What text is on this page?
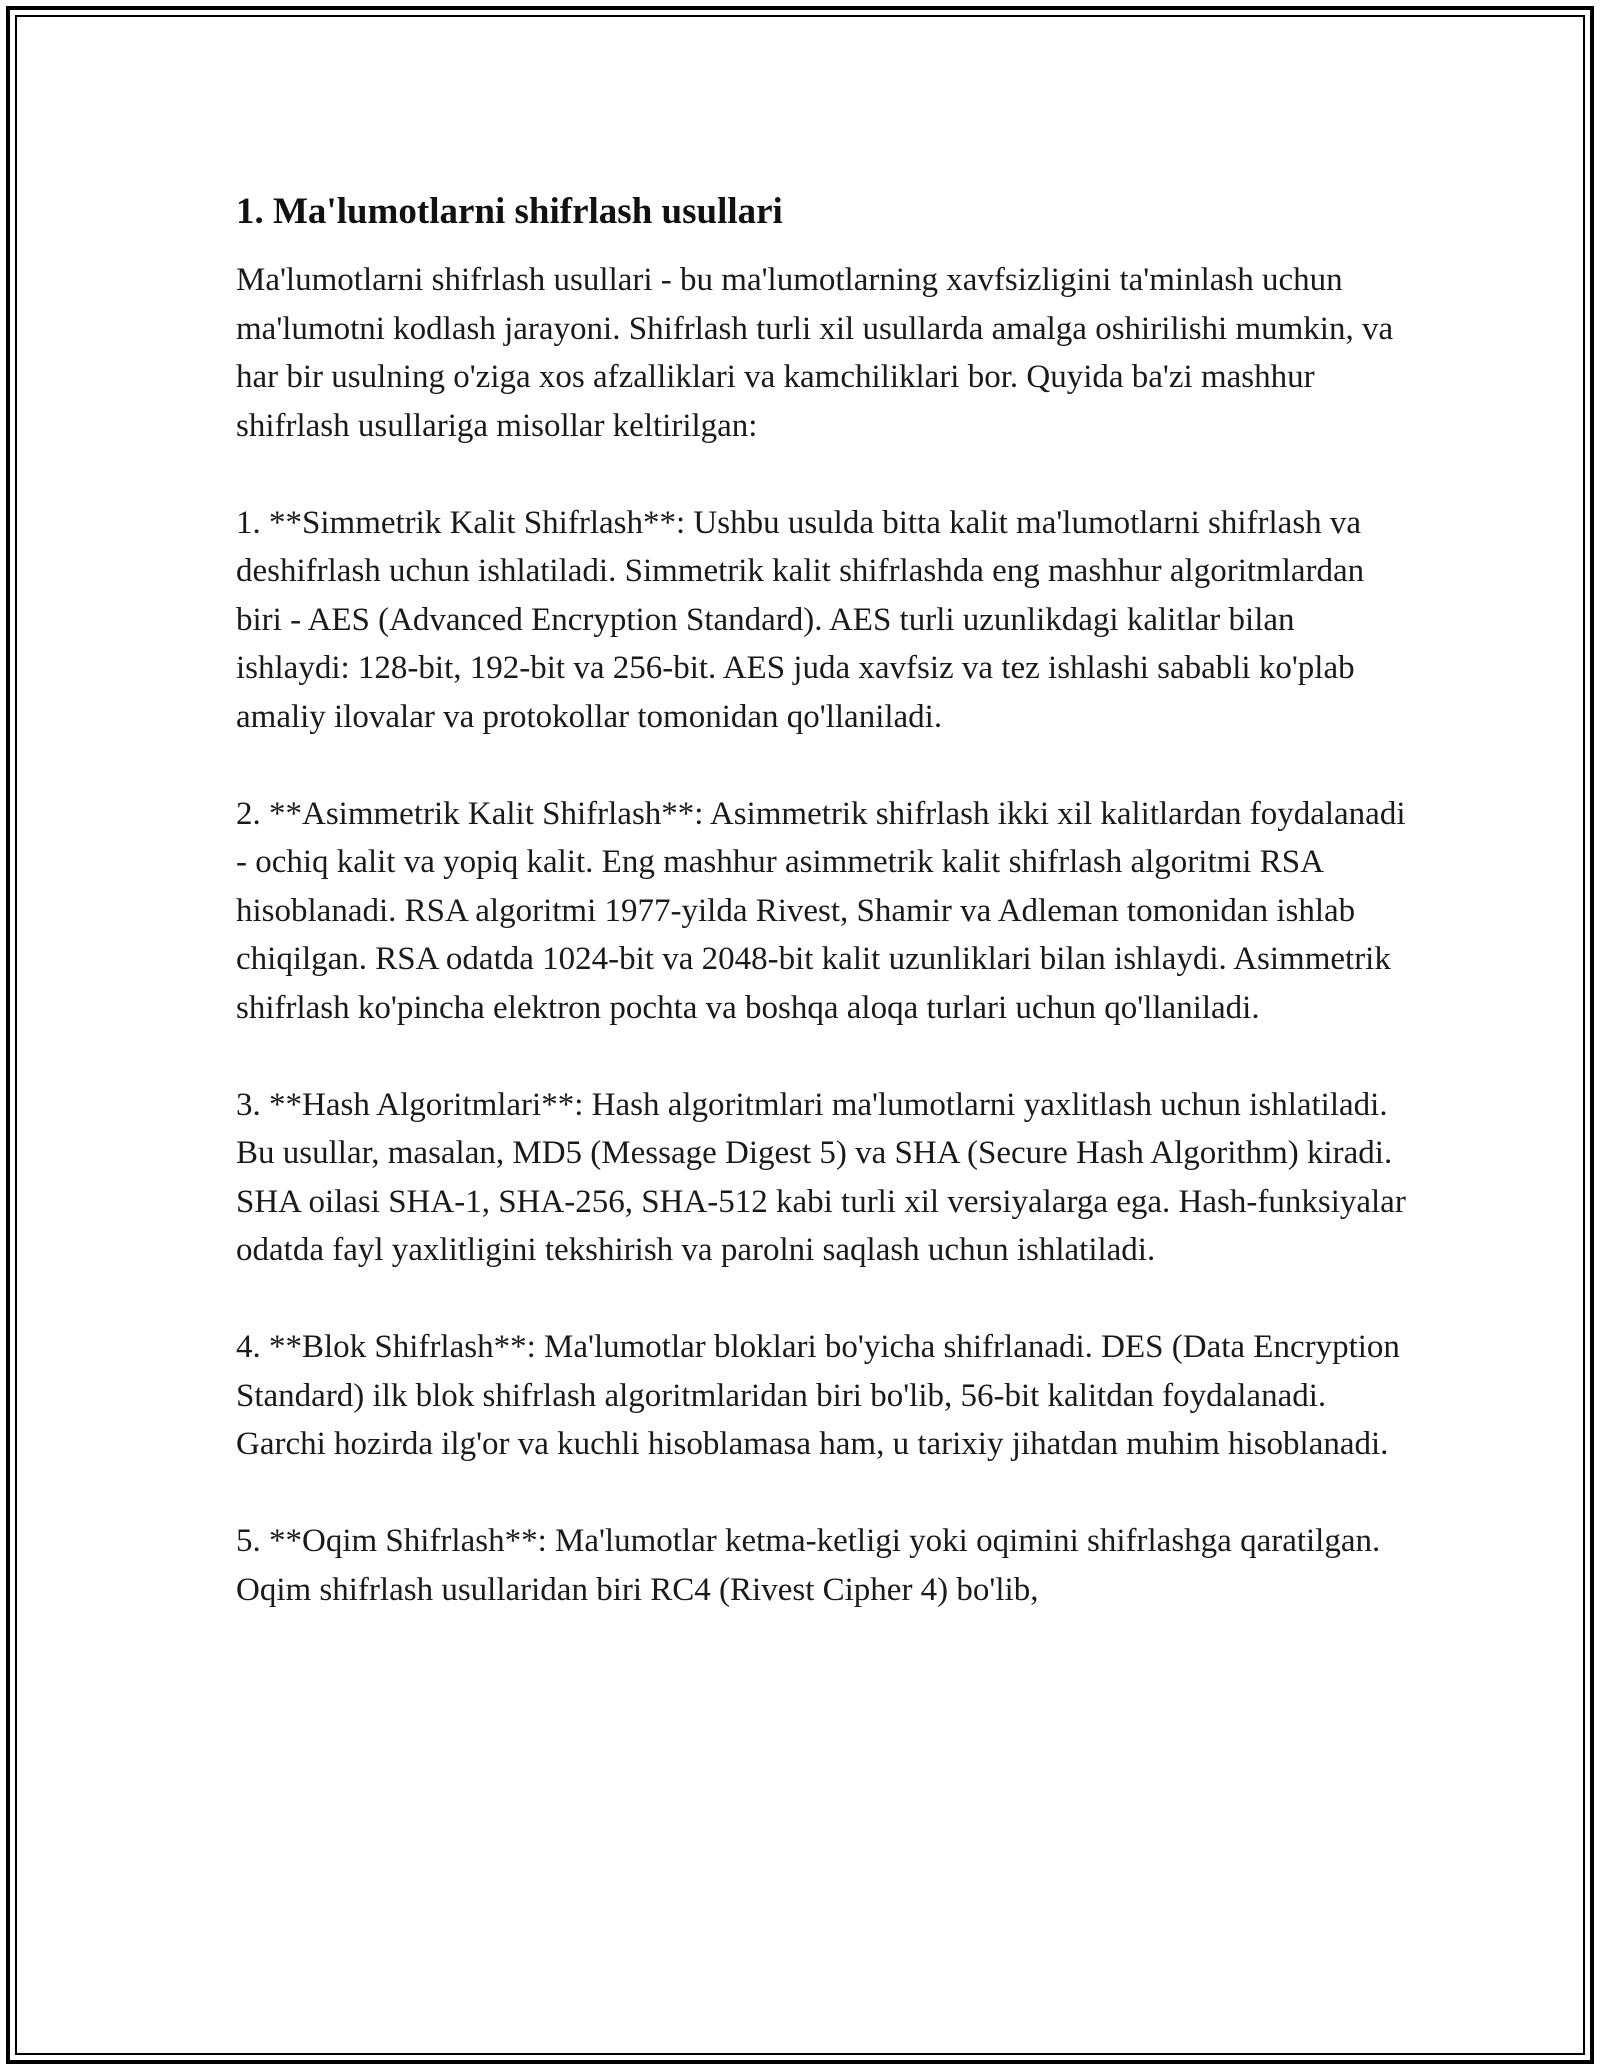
1. Ma'lumotlarni shifrlash usullari

Ma'lumotlarni shifrlash usullari - bu ma'lumotlarning xavfsizligini ta'minlash uchun ma'lumotni kodlash jarayoni. Shifrlash turli xil usullarda amalga oshirilishi mumkin, va har bir usulning o'ziga xos afzalliklari va kamchiliklari bor. Quyida ba'zi mashhur shifrlash usullariga misollar keltirilgan:

1. **Simmetrik Kalit Shifrlash**: Ushbu usulda bitta kalit ma'lumotlarni shifrlash va deshifrlash uchun ishlatiladi. Simmetrik kalit shifrlashda eng mashhur algoritmlardan biri - AES (Advanced Encryption Standard). AES turli uzunlikdagi kalitlar bilan ishlaydi: 128-bit, 192-bit va 256-bit. AES juda xavfsiz va tez ishlashi sababli ko'plab amaliy ilovalar va protokollar tomonidan qo'llaniladi.

2. **Asimmetrik Kalit Shifrlash**: Asimmetrik shifrlash ikki xil kalitlardan foydalanadi - ochiq kalit va yopiq kalit. Eng mashhur asimmetrik kalit shifrlash algoritmi RSA hisoblanadi. RSA algoritmi 1977-yilda Rivest, Shamir va Adleman tomonidan ishlab chiqilgan. RSA odatda 1024-bit va 2048-bit kalit uzunliklari bilan ishlaydi. Asimmetrik shifrlash ko'pincha elektron pochta va boshqa aloqa turlari uchun qo'llaniladi.

3. **Hash Algoritmlari**: Hash algoritmlari ma'lumotlarni yaxlitlash uchun ishlatiladi. Bu usullar, masalan, MD5 (Message Digest 5) va SHA (Secure Hash Algorithm) kiradi. SHA oilasi SHA-1, SHA-256, SHA-512 kabi turli xil versiyalarga ega. Hash-funksiyalar odatda fayl yaxlitligini tekshirish va parolni saqlash uchun ishlatiladi.

4. **Blok Shifrlash**: Ma'lumotlar bloklari bo'yicha shifrlanadi. DES (Data Encryption Standard) ilk blok shifrlash algoritmlaridan biri bo'lib, 56-bit kalitdan foydalanadi. Garchi hozirda ilg'or va kuchli hisoblamasa ham, u tarixiy jihatdan muhim hisoblanadi.

5. **Oqim Shifrlash**: Ma'lumotlar ketma-ketligi yoki oqimini shifrlashga qaratilgan. Oqim shifrlash usullaridan biri RC4 (Rivest Cipher 4) bo'lib,
